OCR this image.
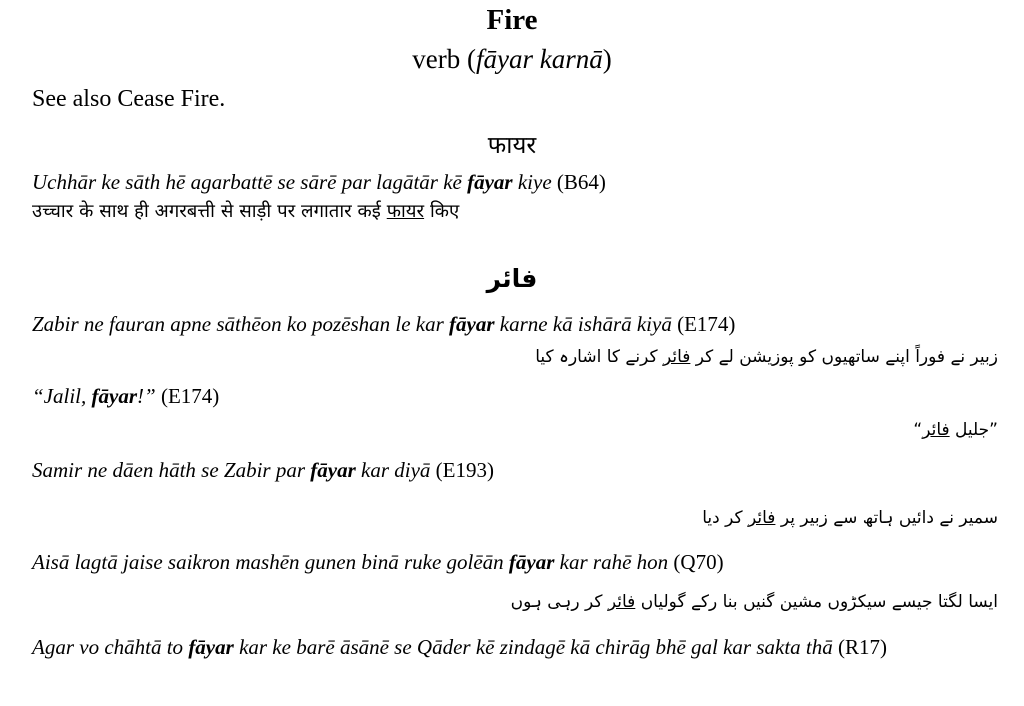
Fire
verb (fāyar karnā)
See also Cease Fire.
फायर
Uchhār ke sāth hē agarbattē se sārē par lagātār kē fāyar kiye (B64)
उच्चार के साथ ही अगरबत्ती से साड़ी पर लगातार कई फायर किए
فائر
Zabir ne fauran apne sāthēon ko pozēshan le kar fāyar karne kā ishārā kiyā (E174)
زبیر نے فوراً اپنے ساتھیوں کو پوزیشن لے کر فائر کرنے کا اشارہ کیا
“Jalil, fāyar!” (E174)
”جلیل فائر“
Samir ne dāen hāth se Zabir par fāyar kar diyā (E193)
سمیر نے دائیں ہاتھ سے زبیر پر فائر کر دیا
Aisā lagtā jaise saikron mashēn gunen binā ruke golēān fāyar kar rahē hon (Q70)
ایسا لگتا جیسے سیکڑوں مشین گنیں بنا رکے گولیاں فائر کر رہی ہوں
Agar vo chāhtā to fāyar kar ke barē āsānē se Qāder kē zindagē kā chirāg bhē gal kar sakta thā (R17)
